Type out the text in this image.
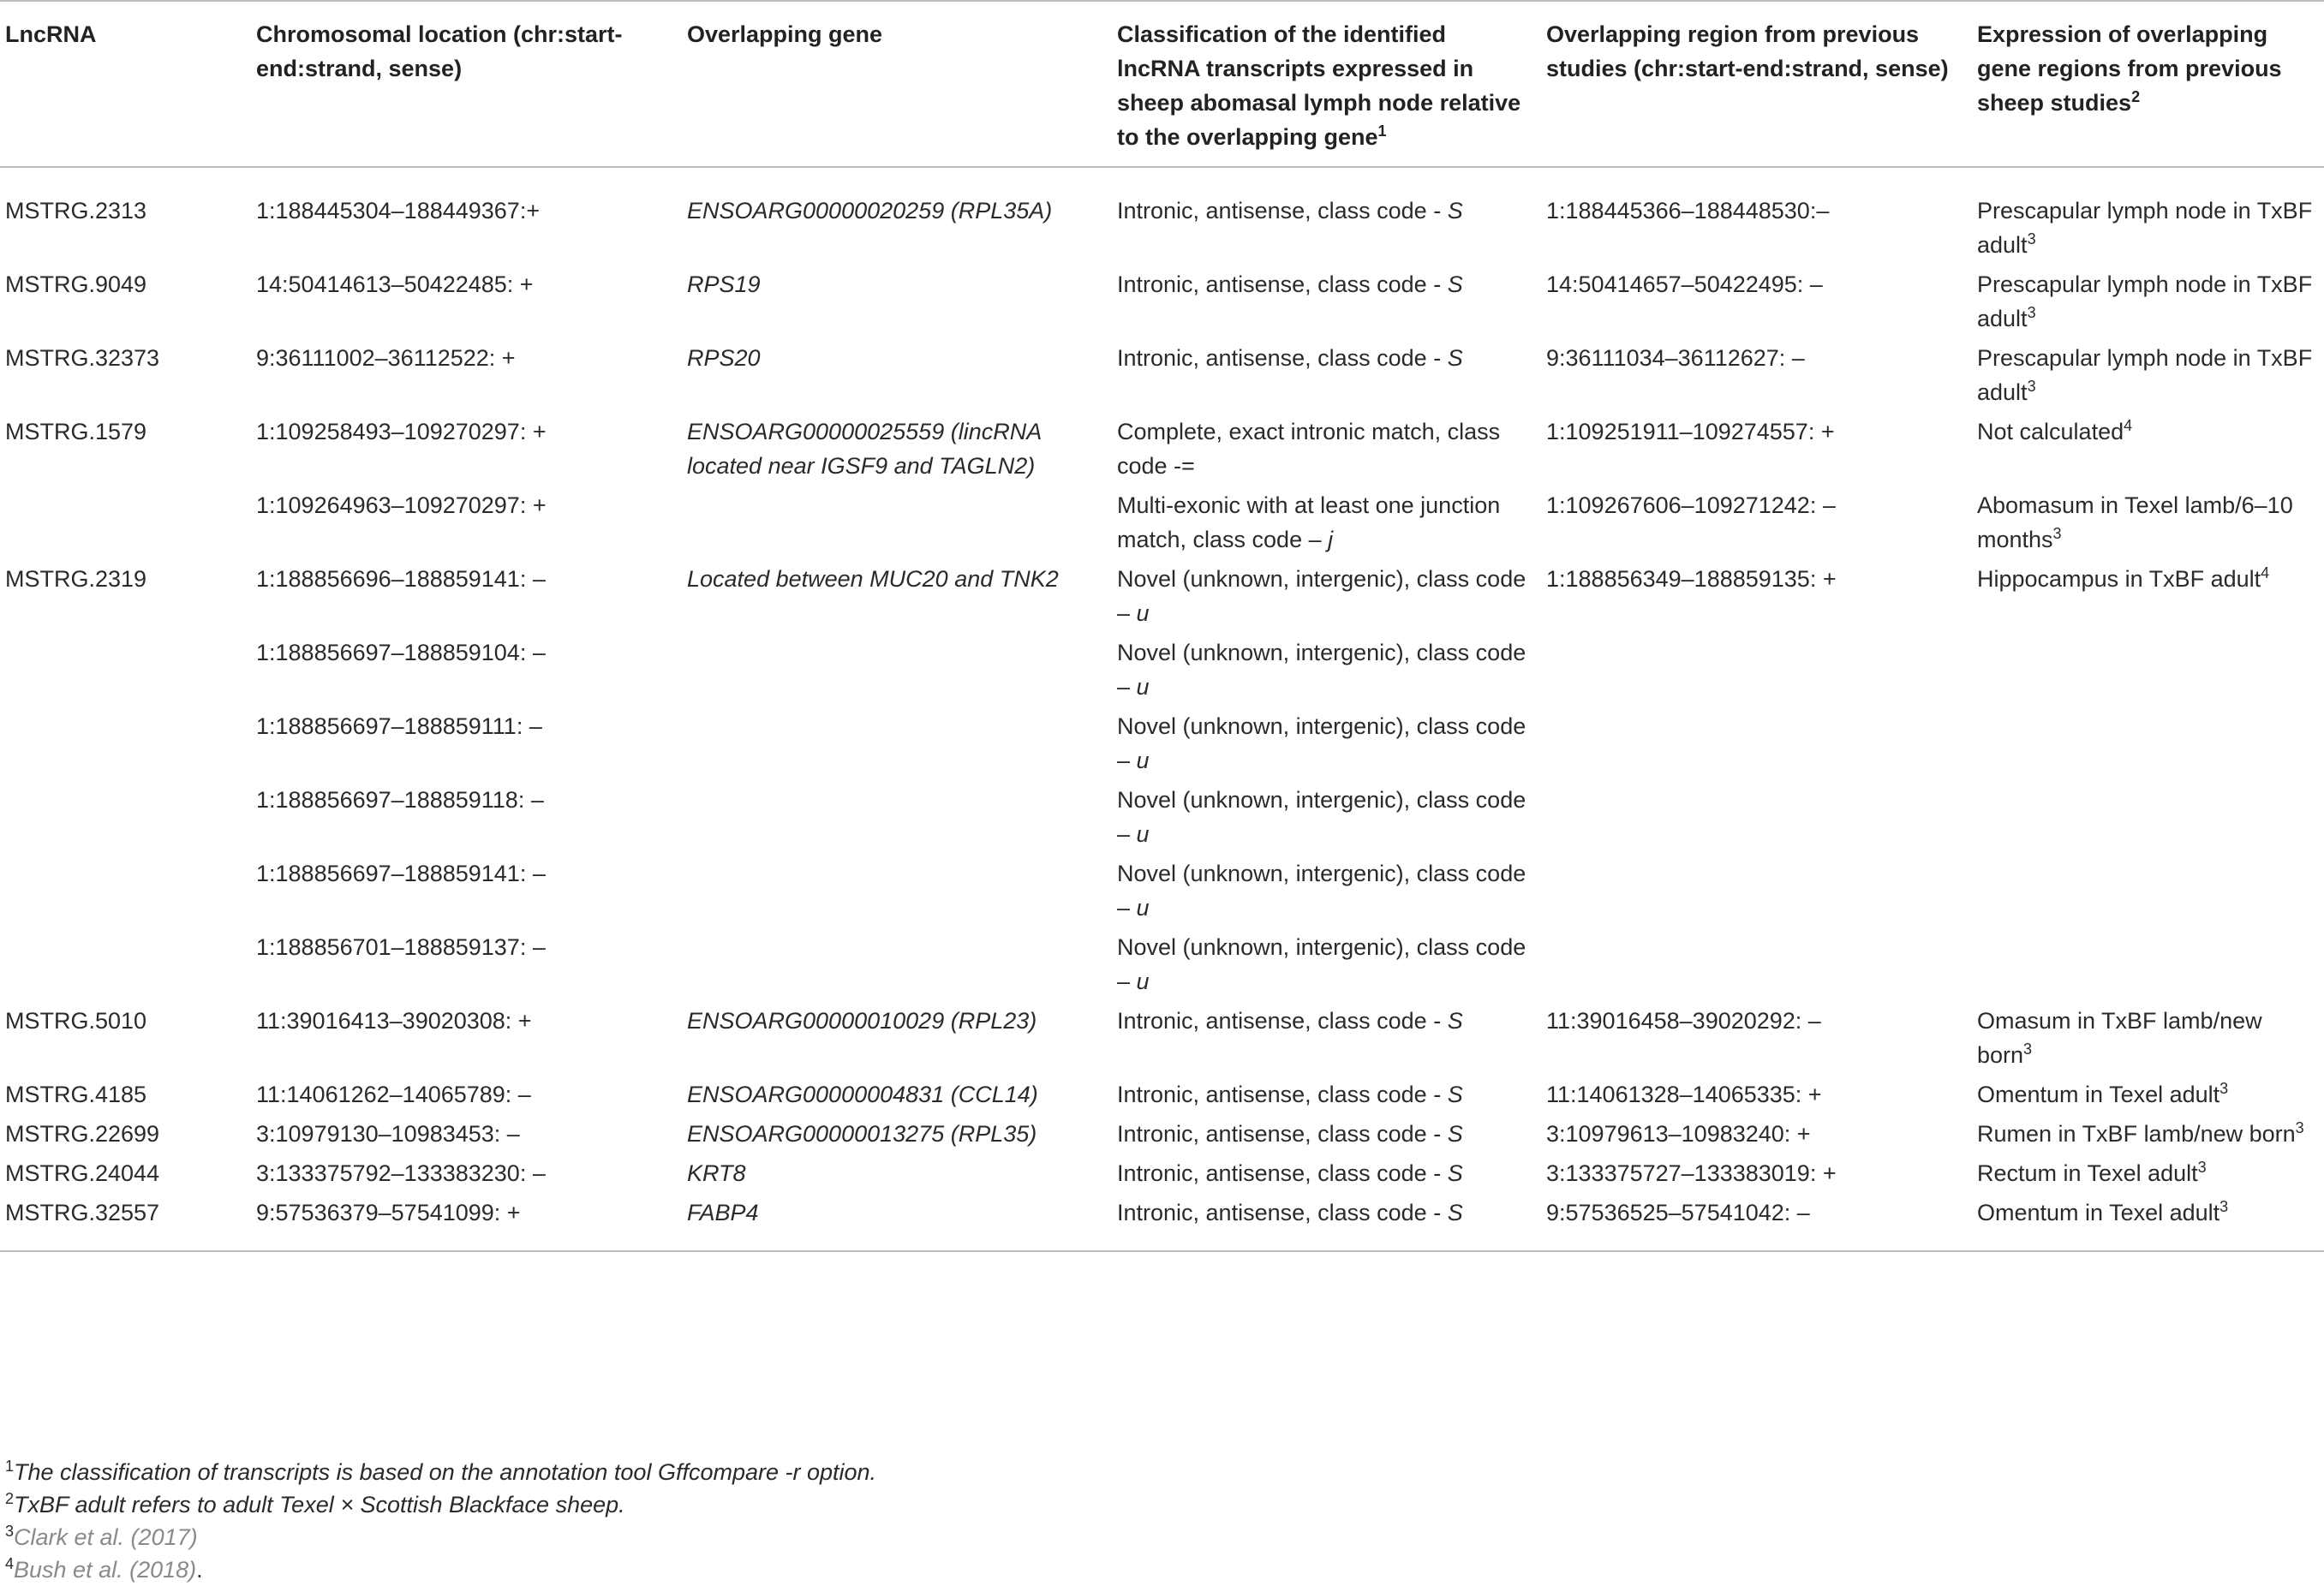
LncRNA	Chromosomal location (chr:start-end:strand, sense)	Overlapping gene	Classification of the identified lncRNA transcripts expressed in sheep abomasal lymph node relative to the overlapping gene$^1$	Overlapping region from previous studies (chr:start-end:strand, sense)	Expression of overlapping gene regions from previous sheep studies$^2$
MSTRG.2313	1:188445304–188449367:+	ENSOARG00000020259 (RPL35A)	Intronic, antisense, class code - S	1:188445366–188448530:–	Prescapular lymph node in TxBF adult$^3$
MSTRG.9049	14:50414613–50422485: +	RPS19	Intronic, antisense, class code - S	14:50414657–50422495: –	Prescapular lymph node in TxBF adult$^3$
MSTRG.32373	9:36111002–36112522: +	RPS20	Intronic, antisense, class code - S	9:36111034–36112627: –	Prescapular lymph node in TxBF adult$^3$
MSTRG.1579	1:109258493–109270297: +	ENSOARG00000025559 (lincRNA located near IGSF9 and TAGLN2)	Complete, exact intronic match, class code -=	1:109251911–109274557: +	Not calculated$^4$
	1:109264963–109270297: +		Multi-exonic with at least one junction match, class code – j	1:109267606–109271242: –	Abomasum in Texel lamb/6–10 months$^3$
MSTRG.2319	1:188856696–188859141: –	Located between MUC20 and TNK2	Novel (unknown, intergenic), class code – u	1:188856349–188859135: +	Hippocampus in TxBF adult$^4$
	1:188856697–188859104: –		Novel (unknown, intergenic), class code – u		
	1:188856697–188859111: –		Novel (unknown, intergenic), class code – u		
	1:188856697–188859118: –		Novel (unknown, intergenic), class code – u		
	1:188856697–188859141: –		Novel (unknown, intergenic), class code – u		
	1:188856701–188859137: –		Novel (unknown, intergenic), class code – u		
MSTRG.5010	11:39016413–39020308: +	ENSOARG00000010029 (RPL23)	Intronic, antisense, class code - S	11:39016458–39020292: –	Omasum in TxBF lamb/new born$^3$
MSTRG.4185	11:14061262–14065789: –	ENSOARG00000004831 (CCL14)	Intronic, antisense, class code - S	11:14061328–14065335: +	Omentum in Texel adult$^3$
MSTRG.22699	3:10979130–10983453: –	ENSOARG00000013275 (RPL35)	Intronic, antisense, class code - S	3:10979613–10983240: +	Rumen in TxBF lamb/new born$^3$
MSTRG.24044	3:133375792–133383230: –	KRT8	Intronic, antisense, class code - S	3:133375727–133383019: +	Rectum in Texel adult$^3$
MSTRG.32557	9:57536379–57541099: +	FABP4	Intronic, antisense, class code - S	9:57536525–57541042: –	Omentum in Texel adult$^3$
$^1$The classification of transcripts is based on the annotation tool Gffcompare -r option.
$^2$TxBF adult refers to adult Texel × Scottish Blackface sheep.
$^3$Clark et al. (2017)
$^4$Bush et al. (2018).
